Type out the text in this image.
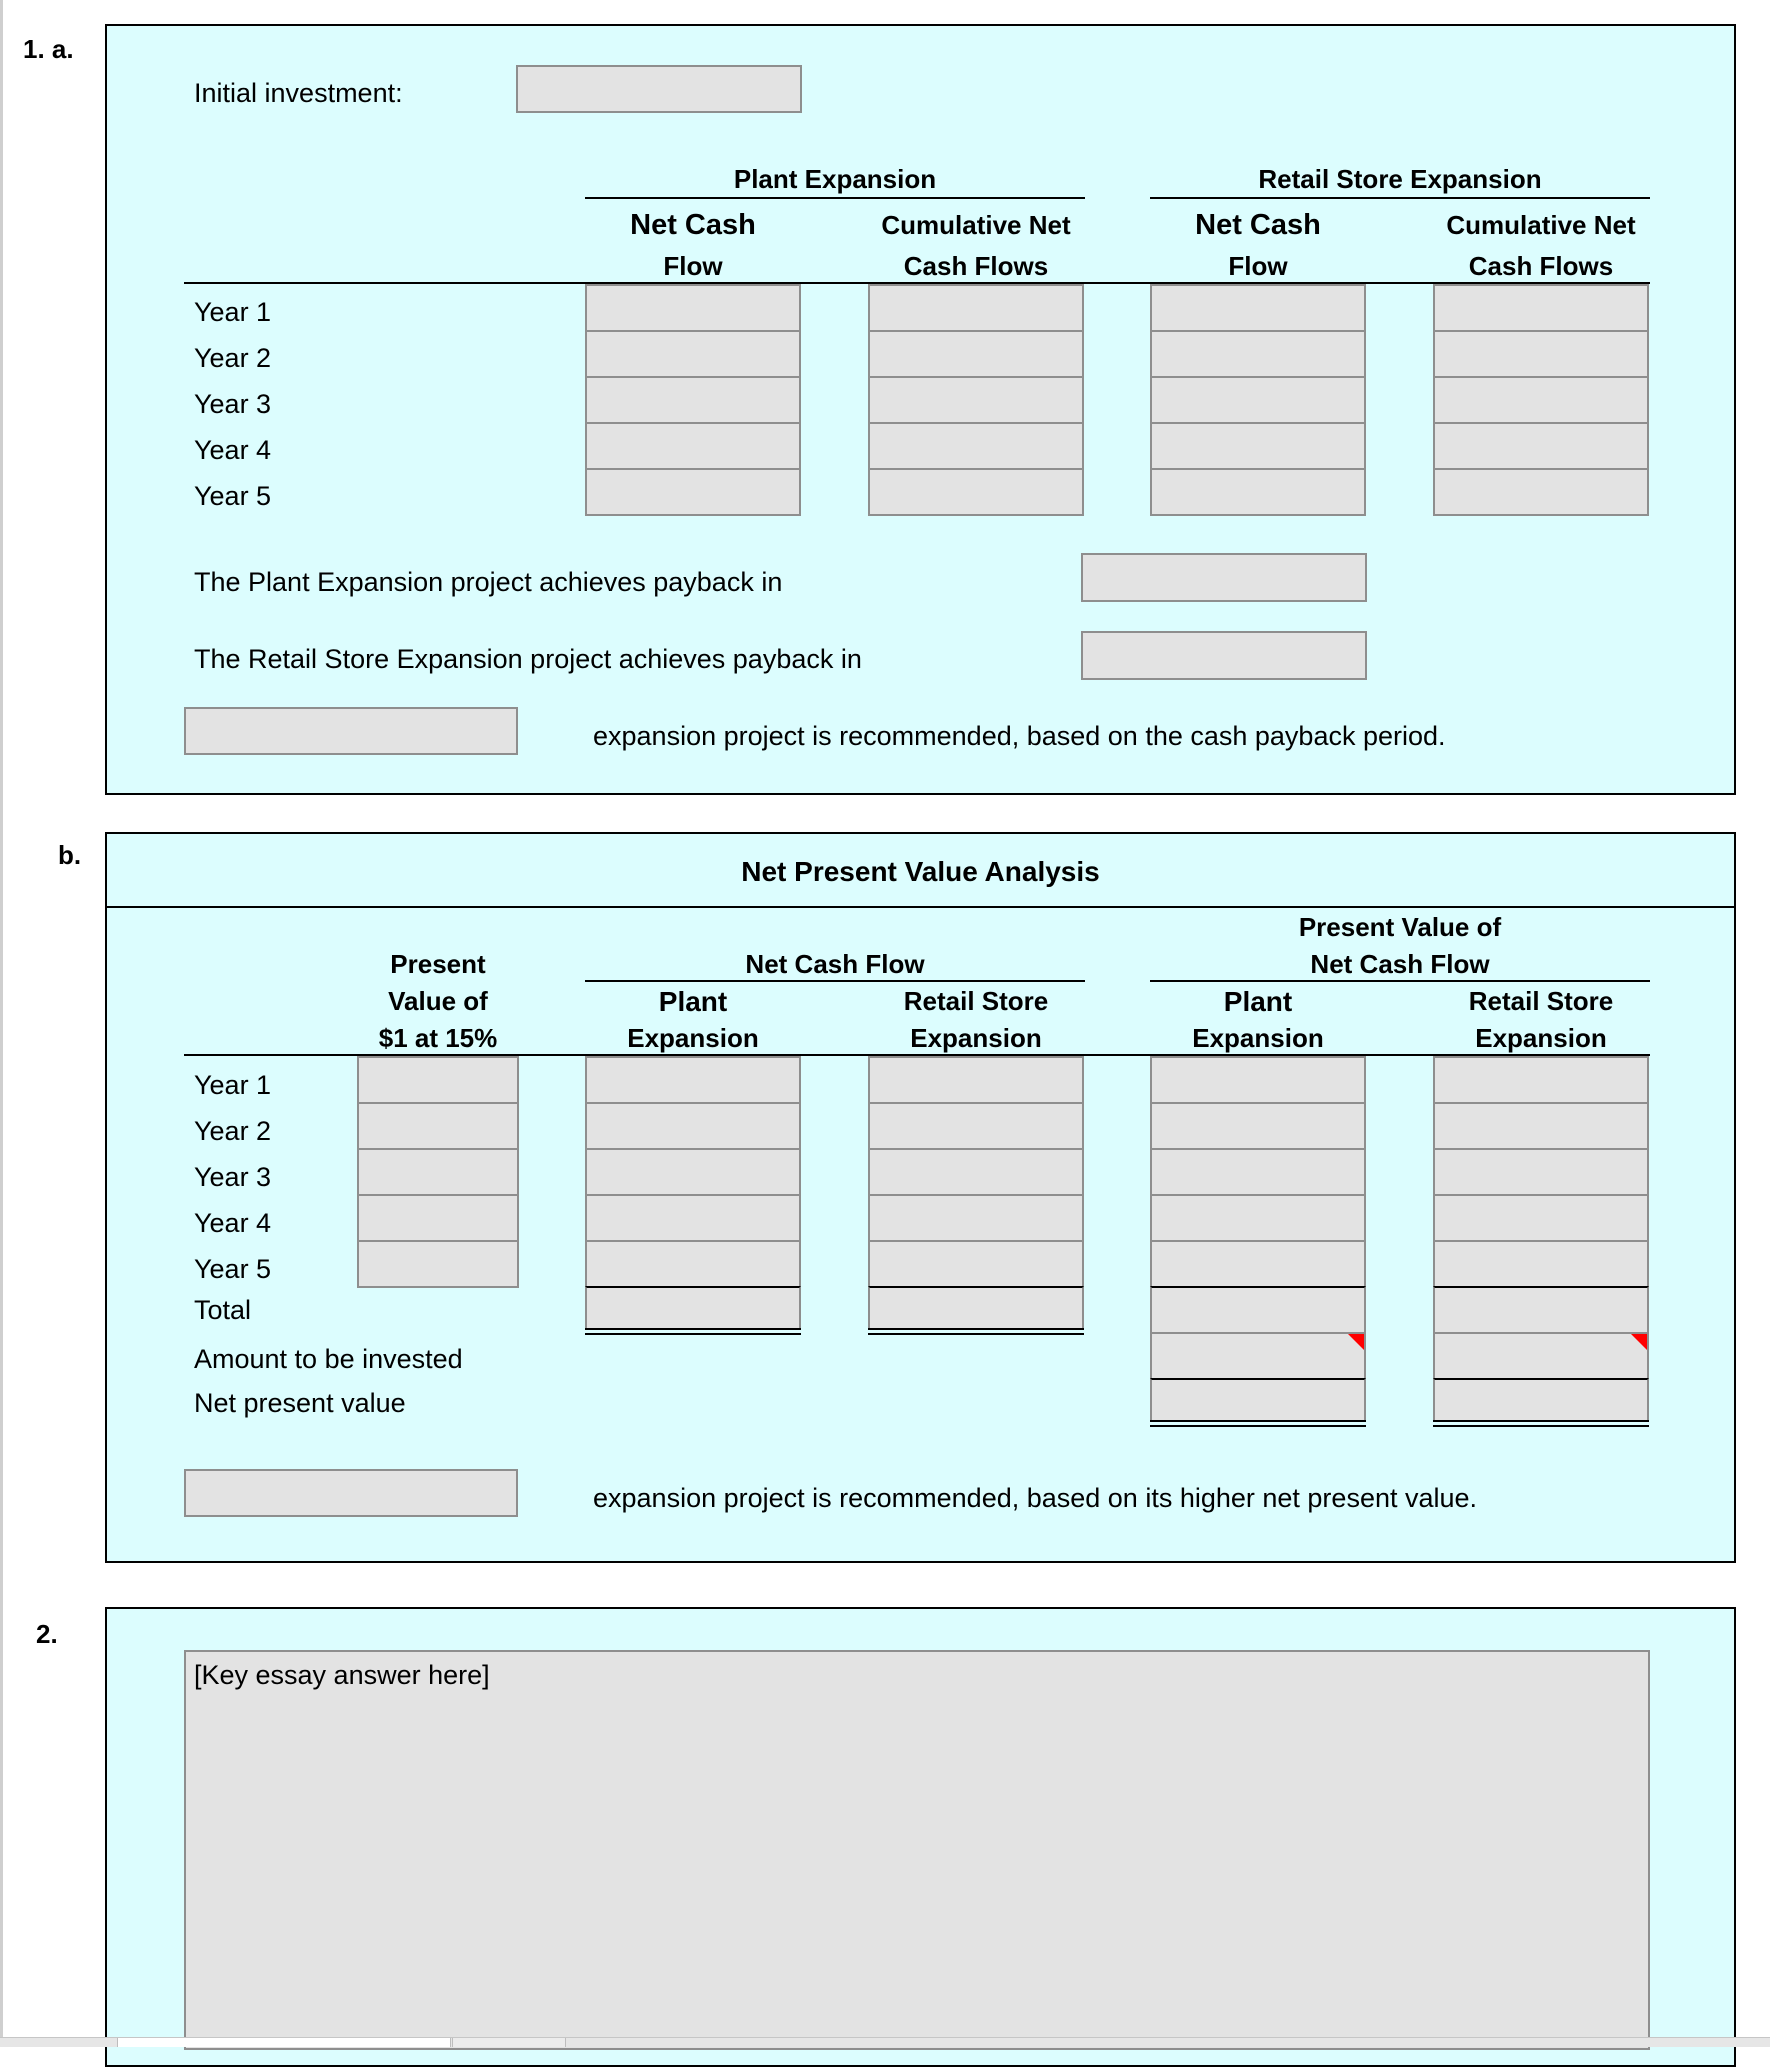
1. a.
Initial investment:
Plant Expansion	Retail Store Expansion
Net Cash
Flow
Cumulative Net
Cash Flows
Net Cash
Flow
Cumulative Net
Cash Flows
Year 1
Year 2
Year 3
Year 4
Year 5
The Plant Expansion project achieves payback in
The Retail Store Expansion project achieves payback in
expansion project is recommended, based on the cash payback period.
b.
Net Present Value Analysis
Present
Value of
$1 at 15%
Net Cash Flow
Present Value of
Net Cash Flow
Plant
Expansion
Retail Store
Expansion
Plant
Expansion
Retail Store
Expansion
Year 1
Year 2
Year 3
Year 4
Year 5
Total
Amount to be invested
Net present value
expansion project is recommended, based on its higher net present value.
2.
[Key essay answer here]
